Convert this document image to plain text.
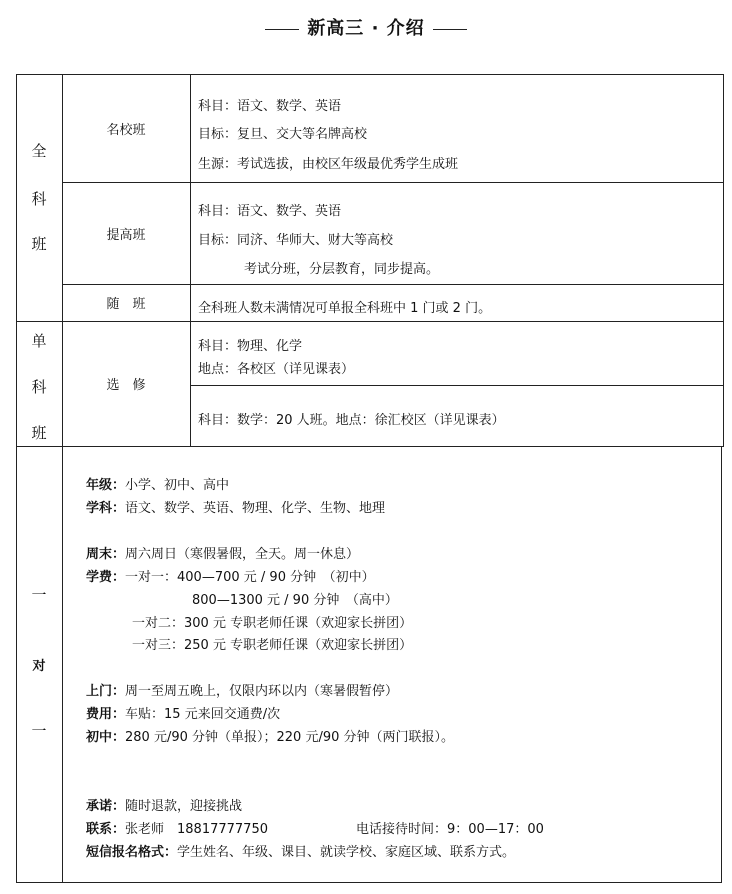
新高三 · 介绍
全
科
班
名校班
提高班
随　班
科目：语文、数学、英语
目标：复旦、交大等名牌高校
生源：考试选拔，由校区年级最优秀学生成班
科目：语文、数学、英语
目标：同济、华师大、财大等高校
考试分班，分层教育，同步提高。
全科班人数未满情况可单报全科班中 1 门或 2 门。
单
科
班
选　修
科目：物理、化学
地点：各校区（详见课表）
科目：数学：20 人班。地点：徐汇校区（详见课表）
一
对
一
年级：小学、初中、高中
学科：语文、数学、英语、物理、化学、生物、地理
周末：周六周日（寒假暑假，全天。周一休息）
学费：一对一：400—700 元 / 90 分钟　（初中）
800—1300 元 / 90 分钟　（高中）
一对二：300 元 专职老师任课（欢迎家长拼团）
一对三：250 元 专职老师任课（欢迎家长拼团）
上门：周一至周五晚上，仅限内环以内（寒暑假暂停）
费用：车贴：15 元来回交通费/次
初中：280 元/90 分钟（单报）；220 元/90 分钟（两门联报）。
承诺：随时退款，迎接挑战
联系：张老师　18817777750	电话接待时间：9：00—17：00
短信报名格式：学生姓名、年级、课目、就读学校、家庭区域、联系方式。
